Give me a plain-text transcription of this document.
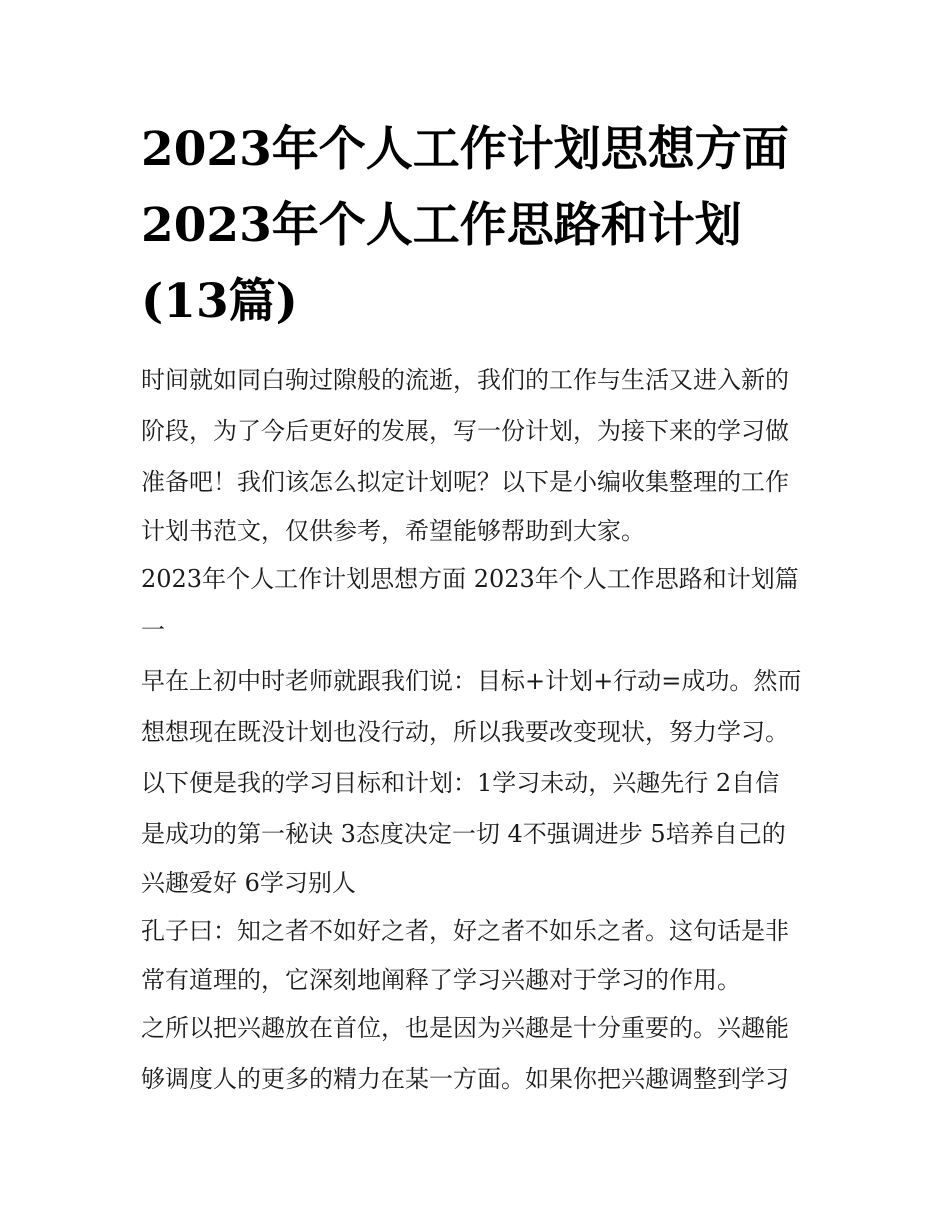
2023年个人工作计划思想方面
2023年个人工作思路和计划
(13篇)
时间就如同白驹过隙般的流逝，我们的工作与生活又进入新的
阶段，为了今后更好的发展，写一份计划，为接下来的学习做
准备吧！我们该怎么拟定计划呢？以下是小编收集整理的工作
计划书范文，仅供参考，希望能够帮助到大家。
2023年个人工作计划思想方面 2023年个人工作思路和计划篇
一
早在上初中时老师就跟我们说：目标+计划+行动=成功。然而
想想现在既没计划也没行动，所以我要改变现状，努力学习。
以下便是我的学习目标和计划：1学习未动，兴趣先行 2自信
是成功的第一秘诀 3态度决定一切 4不强调进步 5培养自己的
兴趣爱好 6学习别人
孔子曰：知之者不如好之者，好之者不如乐之者。这句话是非
常有道理的，它深刻地阐释了学习兴趣对于学习的作用。
之所以把兴趣放在首位，也是因为兴趣是十分重要的。兴趣能
够调度人的更多的精力在某一方面。如果你把兴趣调整到学习
